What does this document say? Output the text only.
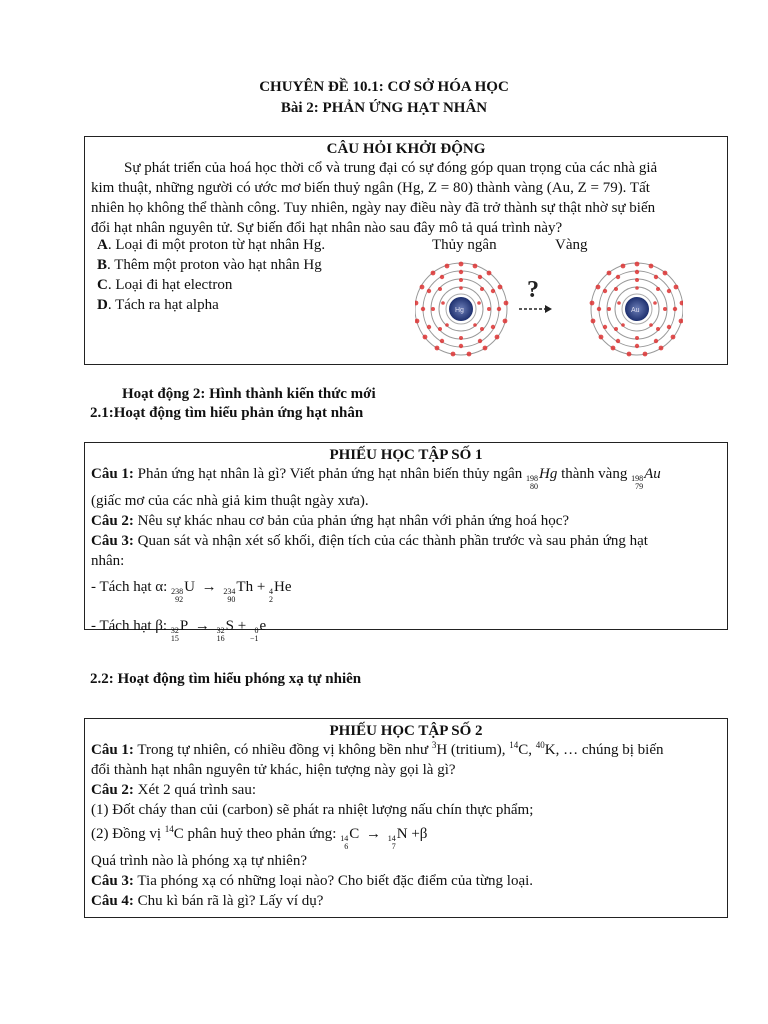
CHUYÊN ĐỀ 10.1: CƠ SỞ HÓA HỌC
Bài 2: PHẢN ỨNG HẠT NHÂN
CÂU HỎI KHỞI ĐỘNG
Sự phát triển của hoá học thời cổ và trung đại có sự đóng góp quan trọng của các nhà giả
kim thuật, những người có ước mơ biến thuỷ ngân (Hg, Z = 80) thành vàng (Au, Z = 79). Tất
nhiên họ không thể thành công. Tuy nhiên, ngày nay điều này đã trở thành sự thật nhờ sự biến
đổi hạt nhân nguyên tử. Sự biến đổi hạt nhân nào sau đây mô tả quá trình này?
A. Loại đi một proton từ hạt nhân Hg.
B. Thêm một proton vào hạt nhân Hg
C. Loại đi hạt electron
D. Tách ra hạt alpha
Thủy ngân	Vàng
Hg
?
Au
Hoạt động 2: Hình thành kiến thức mới
2.1:Hoạt động tìm hiểu phản ứng hạt nhân
PHIẾU HỌC TẬP SỐ 1
Câu 1: Phản ứng hạt nhân là gì? Viết phản ứng hạt nhân biến thủy ngân 198
80
Hg thành vàng 198
79
Au
(giấc mơ của các nhà giả kim thuật ngày xưa).
Câu 2: Nêu sự khác nhau cơ bản của phản ứng hạt nhân với phản ứng hoá học?
Câu 3: Quan sát và nhận xét số khối, điện tích của các thành phần trước và sau phản ứng hạt
nhân:
- Tách hạt α: 238
92
U → 234
90
Th + 4
2
He
- Tách hạt β: 32
15
P → 32
16
S + 0
−1
e
2.2: Hoạt động tìm hiểu phóng xạ tự nhiên
PHIẾU HỌC TẬP SỐ 2
Câu 1: Trong tự nhiên, có nhiều đồng vị không bền như $^3$H (tritium), $^{14}$C, $^{40}$K, … chúng bị biến
đổi thành hạt nhân nguyên tử khác, hiện tượng này gọi là gì?
Câu 2: Xét 2 quá trình sau:
(1) Đốt cháy than củi (carbon) sẽ phát ra nhiệt lượng nấu chín thực phẩm;
(2) Đồng vị $^{14}$C phân huỷ theo phản ứng: 14
6
C → 14
7
N +β
Quá trình nào là phóng xạ tự nhiên?
Câu 3: Tia phóng xạ có những loại nào? Cho biết đặc điểm của từng loại.
Câu 4: Chu kì bán rã là gì? Lấy ví dụ?
